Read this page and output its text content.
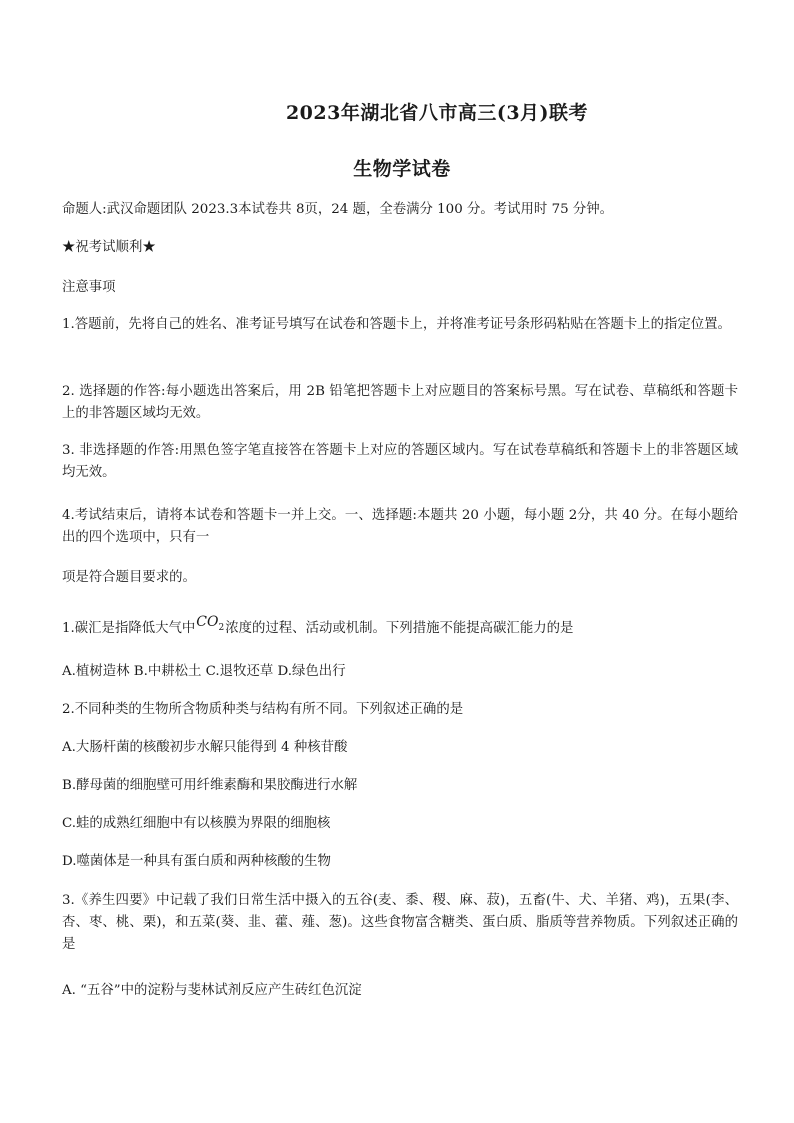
2023年湖北省八市高三(3月)联考
生物学试卷
命题人:武汉命题团队 2023.3本试卷共 8页，24 题，全卷满分 100 分。考试用时 75 分钟。
★祝考试顺利★
注意事项
1.答题前，先将自己的姓名、准考证号填写在试卷和答题卡上，并将准考证号条形码粘贴在答题卡上的指定位置。
2. 选择题的作答:每小题选出答案后，用 2B 铅笔把答题卡上对应题目的答案标号黑。写在试卷、草稿纸和答题卡上的非答题区域均无效。
3. 非选择题的作答:用黑色签字笔直接答在答题卡上对应的答题区域内。写在试卷草稿纸和答题卡上的非答题区域均无效。
4.考试结束后，请将本试卷和答题卡一并上交。一、选择题:本题共 20 小题，每小题 2分，共 40 分。在每小题给出的四个选项中，只有一
项是符合题目要求的。
1.碳汇是指降低大气中$CO_2$浓度的过程、活动或机制。下列措施不能提高碳汇能力的是
A.植树造林 B.中耕松土 C.退牧还草 D.绿色出行
2.不同种类的生物所含物质种类与结构有所不同。下列叙述正确的是
A.大肠杆菌的核酸初步水解只能得到 4 种核苷酸
B.酵母菌的细胞壁可用纤维素酶和果胶酶进行水解
C.蛙的成熟红细胞中有以核膜为界限的细胞核
D.噬菌体是一种具有蛋白质和两种核酸的生物
3.《养生四要》中记载了我们日常生活中摄入的五谷(麦、黍、稷、麻、菽)，五畜(牛、犬、羊猪、鸡)，五果(李、杏、枣、桃、栗)，和五菜(葵、韭、藿、薤、葱)。这些食物富含糖类、蛋白质、脂质等营养物质。下列叙述正确的是
A. “五谷”中的淀粉与斐林试剂反应产生砖红色沉淀
